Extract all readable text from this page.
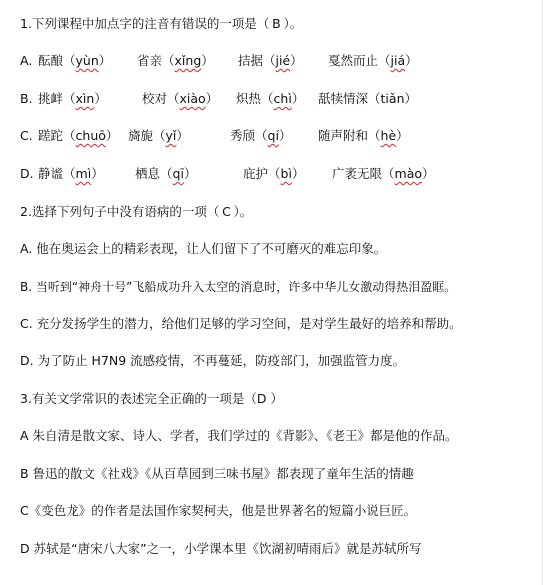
1.下列课程中加点字的注音有错误的一项是（ B ）。
A. 酝酿（yùn） 省亲（xǐng） 拮据（jié） 戛然而止（jiá）
B. 挑衅（xìn）	校对（xiào） 炽热（chì） 舐犊情深（tiǎn）
C. 蹉跎（chuō） 旖旎（yǐ）	秀颀（qí） 随声附和（hè）
D. 静谧（mì）	栖息（qī）	庇护（bì） 广袤无限（mào）
2.选择下列句子中没有语病的一项（ C ）。
A. 他在奥运会上的精彩表现，让人们留下了不可磨灭的难忘印象。
B. 当听到“神舟十号”飞船成功升入太空的消息时，许多中华儿女激动得热泪盈眶。
C. 充分发扬学生的潜力，给他们足够的学习空间，是对学生最好的培养和帮助。
D. 为了防止 H7N9 流感疫情，不再蔓延，防疫部门，加强监管力度。
3.有关文学常识的表述完全正确的一项是（D ）
A 朱自清是散文家、诗人、学者，我们学过的《背影》、《老王》都是他的作品。
B 鲁迅的散文《社戏》《从百草园到三味书屋》都表现了童年生活的情趣
C《变色龙》的作者是法国作家契柯夫，他是世界著名的短篇小说巨匠。
D 苏轼是“唐宋八大家”之一，小学课本里《饮湖初晴雨后》就是苏轼所写
